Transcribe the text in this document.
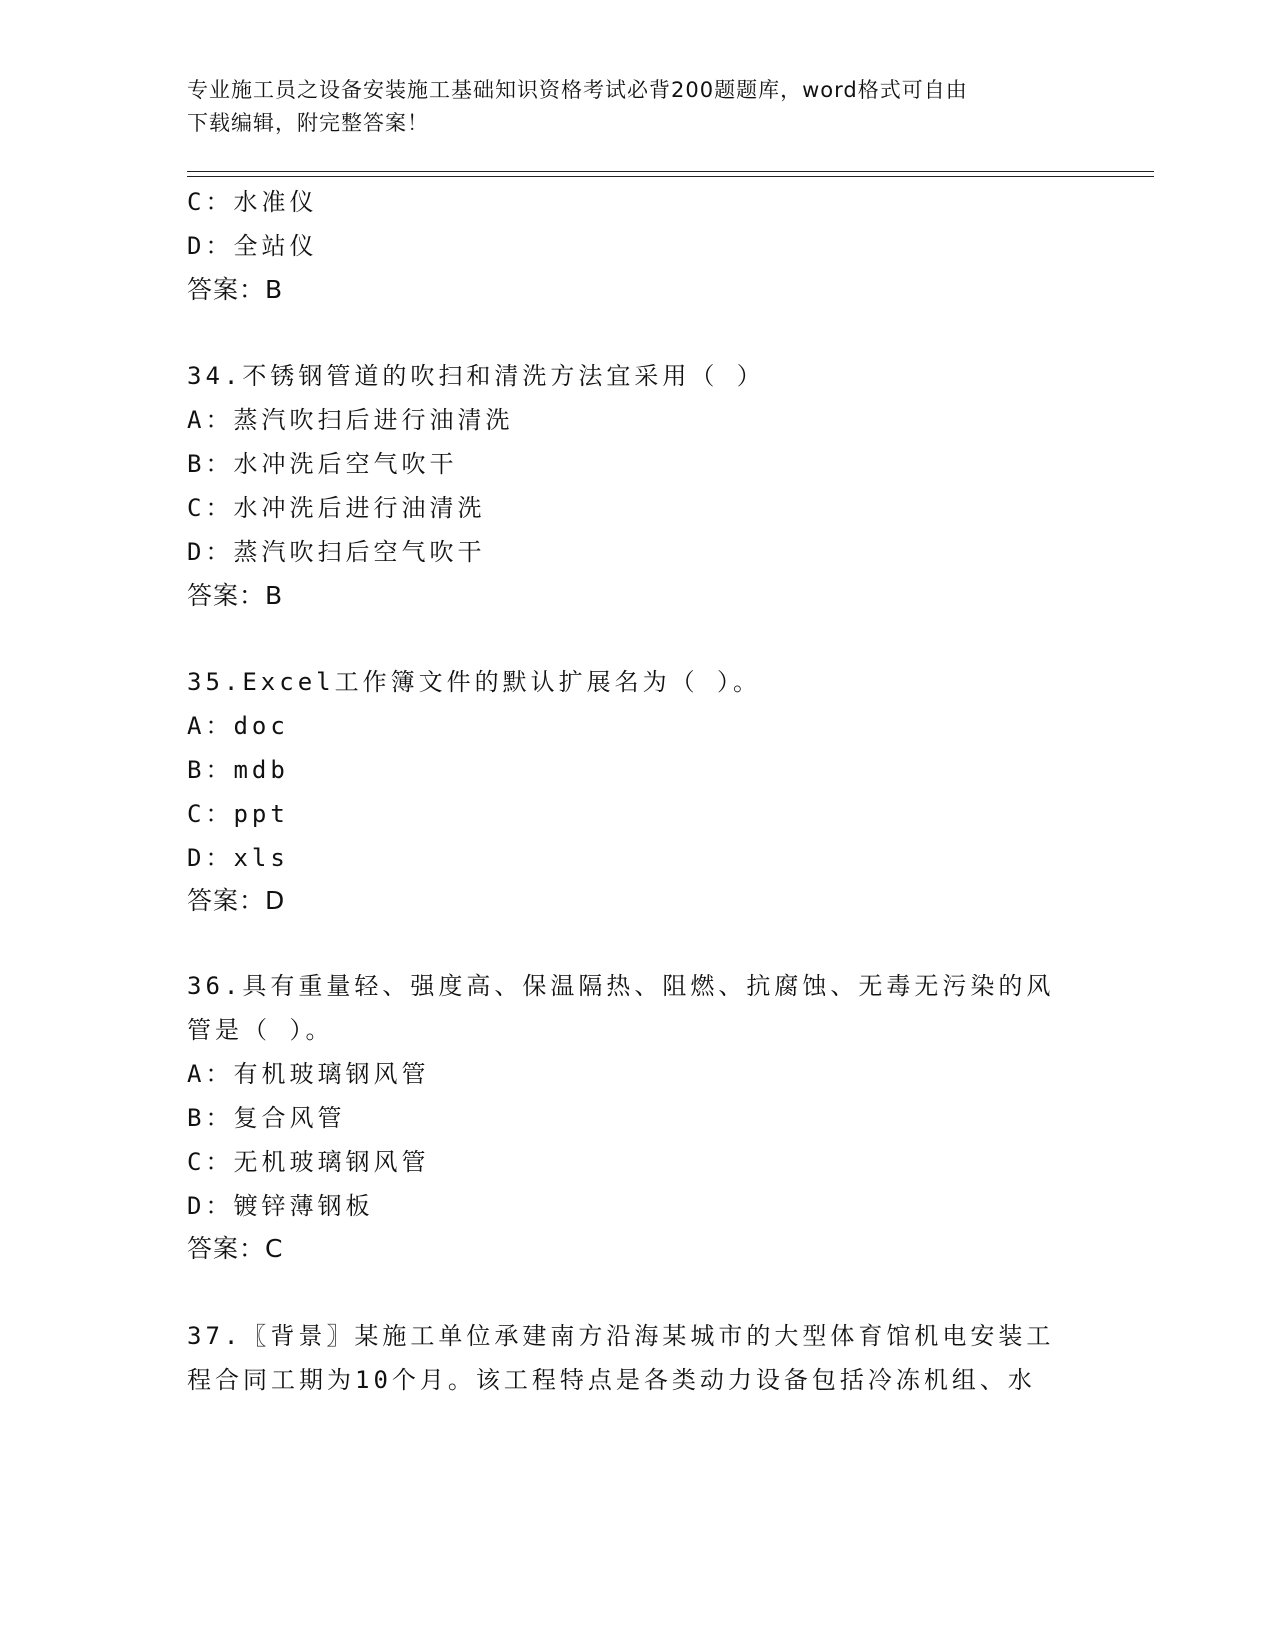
专业施工员之设备安装施工基础知识资格考试必背200题题库，word格式可自由
下载编辑，附完整答案！
C：水准仪
D：全站仪
答案：B
34.不锈钢管道的吹扫和清洗方法宜采用（ ）
A：蒸汽吹扫后进行油清洗
B：水冲洗后空气吹干
C：水冲洗后进行油清洗
D：蒸汽吹扫后空气吹干
答案：B
35.Excel工作簿文件的默认扩展名为（ ）。
A：doc
B：mdb
C：ppt
D：xls
答案：D
36.具有重量轻、强度高、保温隔热、阻燃、抗腐蚀、无毒无污染的风
管是（ ）。
A：有机玻璃钢风管
B：复合风管
C：无机玻璃钢风管
D：镀锌薄钢板
答案：C
37.〖背景〗某施工单位承建南方沿海某城市的大型体育馆机电安装工
程合同工期为10个月。该工程特点是各类动力设备包括冷冻机组、水
